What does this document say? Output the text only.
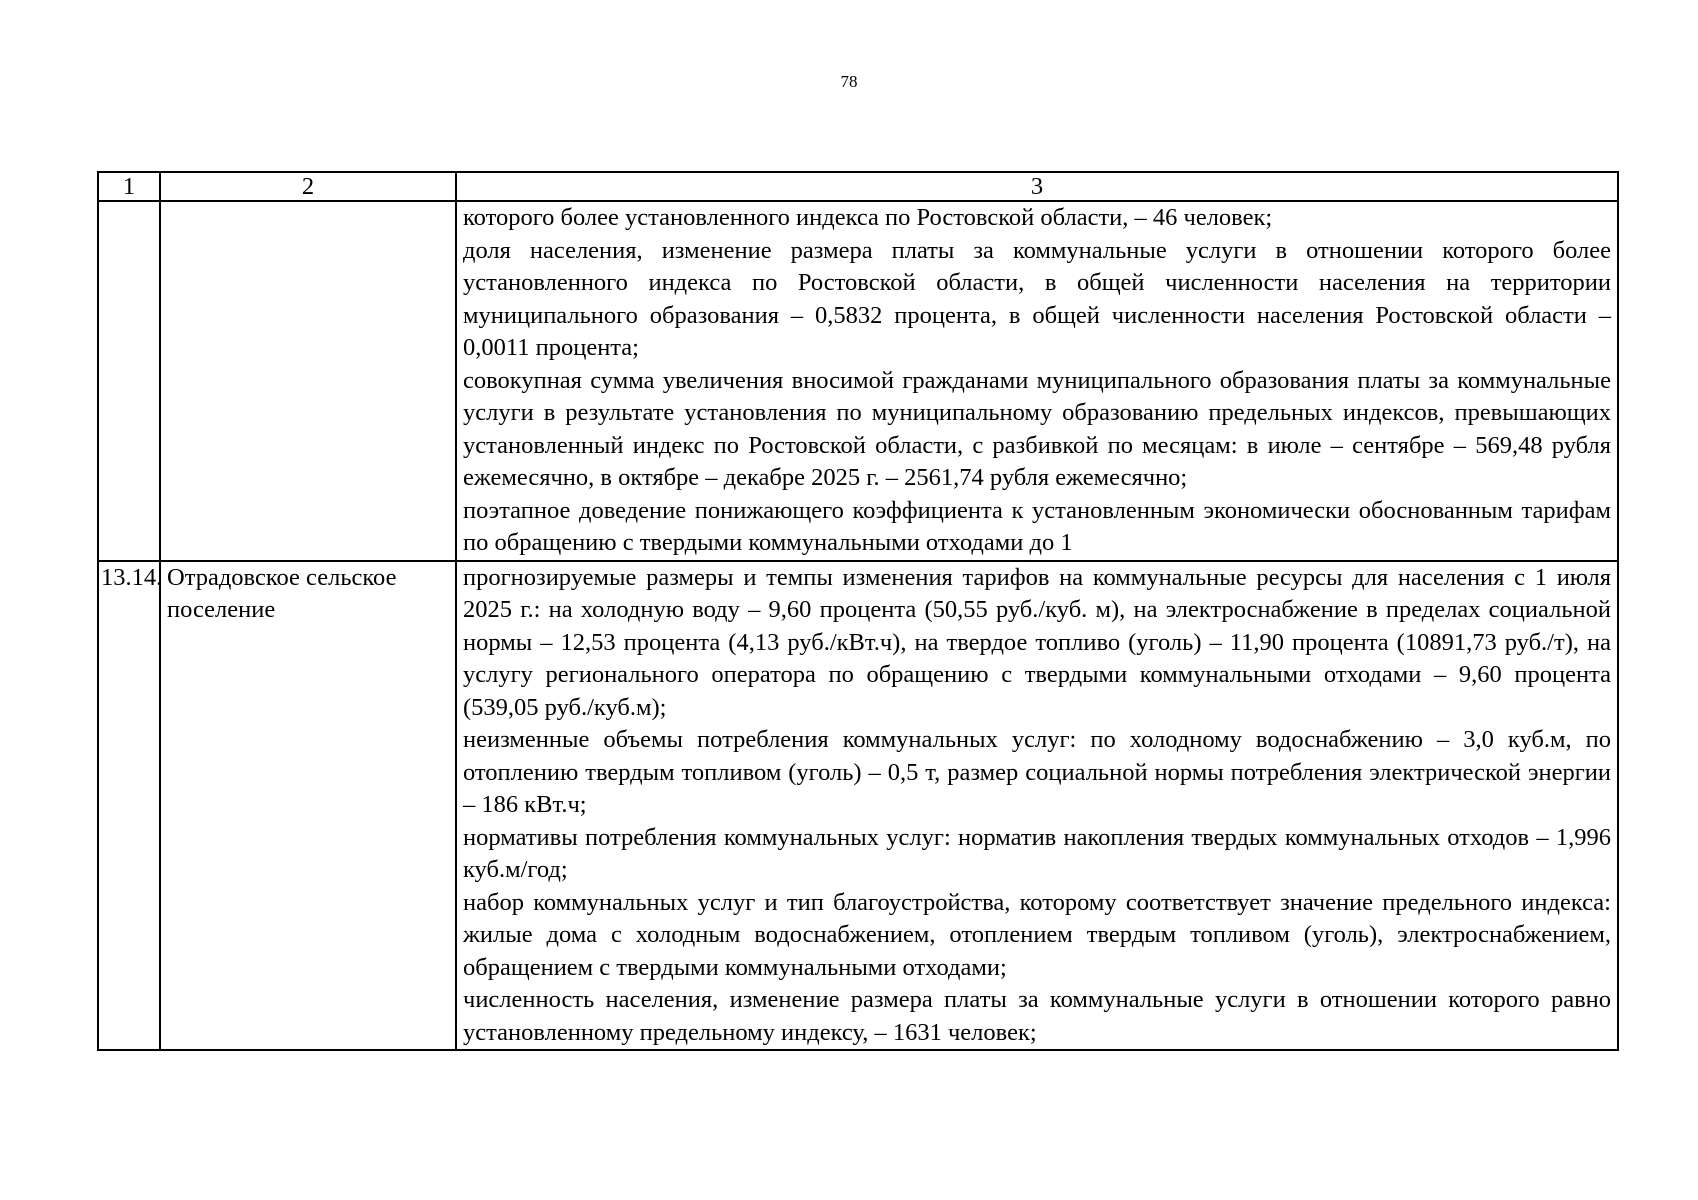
78
1	2	3

		которого более установленного индекса по Ростовской области, – 46 человек;
доля населения, изменение размера платы за коммунальные услуги в отношении которого более установленного индекса по Ростовской области, в общей численности населения на территории муниципального образования – 0,5832 процента, в общей численности населения Ростовской области – 0,0011 процента;
совокупная сумма увеличения вносимой гражданами муниципального образования платы за коммунальные услуги в результате установления по муниципальному образованию предельных индексов, превышающих установленный индекс по Ростовской области, с разбивкой по месяцам: в июле – сентябре – 569,48 рубля ежемесячно, в октябре – декабре 2025 г. – 2561,74 рубля ежемесячно;
поэтапное доведение понижающего коэффициента к установленным экономически обоснованным тарифам по обращению с твердыми коммунальными отходами до 1

13.14.	Отрадовское сельское поселение	прогнозируемые размеры и темпы изменения тарифов на коммунальные ресурсы для населения с 1 июля 2025 г.: на холодную воду – 9,60 процента (50,55 руб./куб. м), на электроснабжение в пределах социальной нормы – 12,53 процента (4,13 руб./кВт.ч), на твердое топливо (уголь) – 11,90 процента (10891,73 руб./т), на услугу регионального оператора по обращению с твердыми коммунальными отходами – 9,60 процента (539,05 руб./куб.м);
неизменные объемы потребления коммунальных услуг: по холодному водоснабжению – 3,0 куб.м, по отоплению твердым топливом (уголь) – 0,5 т, размер социальной нормы потребления электрической энергии – 186 кВт.ч;
нормативы потребления коммунальных услуг: норматив накопления твердых коммунальных отходов – 1,996 куб.м/год;
набор коммунальных услуг и тип благоустройства, которому соответствует значение предельного индекса: жилые дома с холодным водоснабжением, отоплением твердым топливом (уголь), электроснабжением, обращением с твердыми коммунальными отходами;
численность населения, изменение размера платы за коммунальные услуги в отношении которого равно установленному предельному индексу, – 1631 человек;
